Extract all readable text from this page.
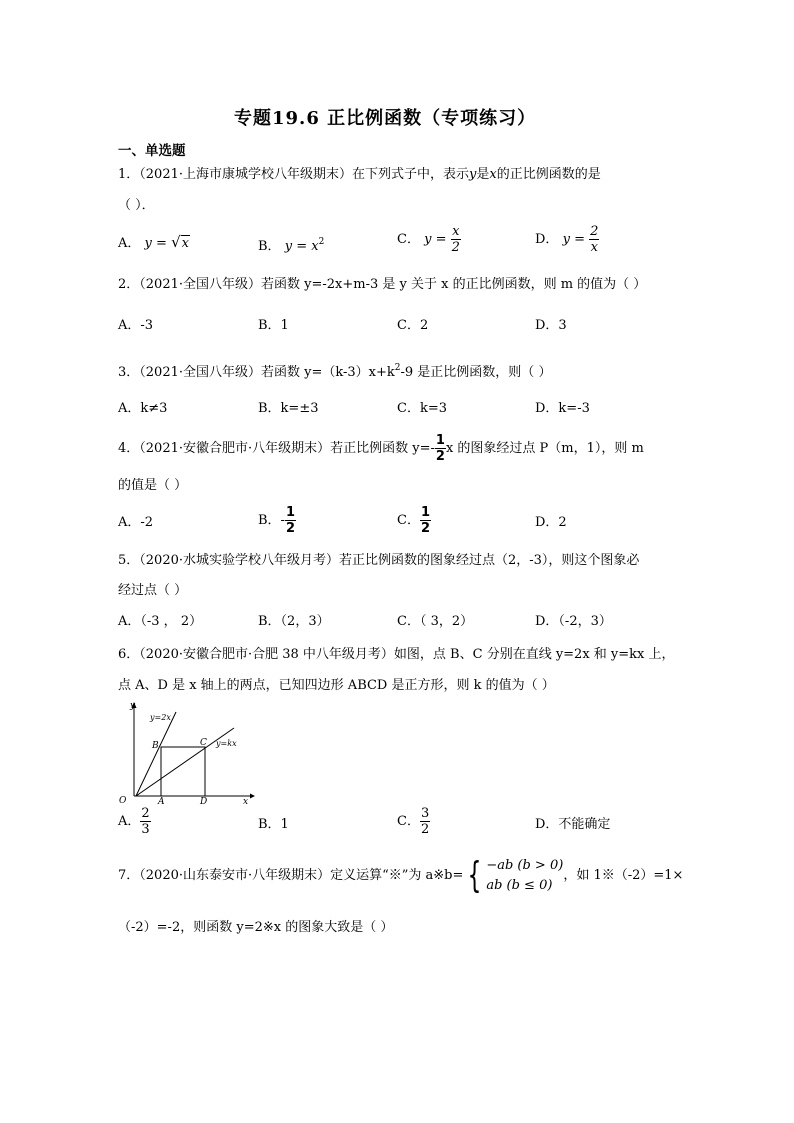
专题19.6 正比例函数（专项练习）
一、单选题
1．（2021·上海市康城学校八年级期末）在下列式子中，表示y是x的正比例函数的是
（ ）．
A． y = √x	B． $y = x^2$	C． $y = \frac{x}{2}$	D． $y = \frac{2}{x}$
2．（2021·全国八年级）若函数 y=-2x+m-3 是 y 关于 x 的正比例函数，则 m 的值为（ ）
A．-3	B．1	C．2	D．3
3．（2021·全国八年级）若函数 $y=(k-3)x+k^2-9$ 是正比例函数，则（ ）
A．k≠3	B．k=±3	C．k=3	D．k=-3
4．（2021·安徽合肥市·八年级期末）若正比例函数 $y=- \frac{1}{2}$ x 的图象经过点 P（m，1），则 m
的值是（ ）
A．-2	B．- $\frac{1}{2}$	C． $\frac{1}{2}$	D．2
5．（2020·水城实验学校八年级月考）若正比例函数的图象经过点（2，-3），则这个图象必
经过点（ ）
A．（-3 ， 2）	B．（2，3）	C．（ 3，2）	D．（-2，3）
6．（2020·安徽合肥市·合肥 38 中八年级月考）如图，点 B、C 分别在直线 y=2x 和 y=kx 上，
点 A、D 是 x 轴上的两点，已知四边形 ABCD 是正方形，则 k 的值为（ ）
y
x
O	A	D
B	C
y=2x
y=kx
A． $\frac{2}{3}$	B．1	C． $\frac{3}{2}$	D．不能确定
7．（2020·山东泰安市·八年级期末）定义运算“※”为 a※b= { −ab (b > 0)
ab (b ≤ 0)
，如 1※（-2）=1×
（-2）=-2，则函数 y=2※x 的图象大致是（ ）
